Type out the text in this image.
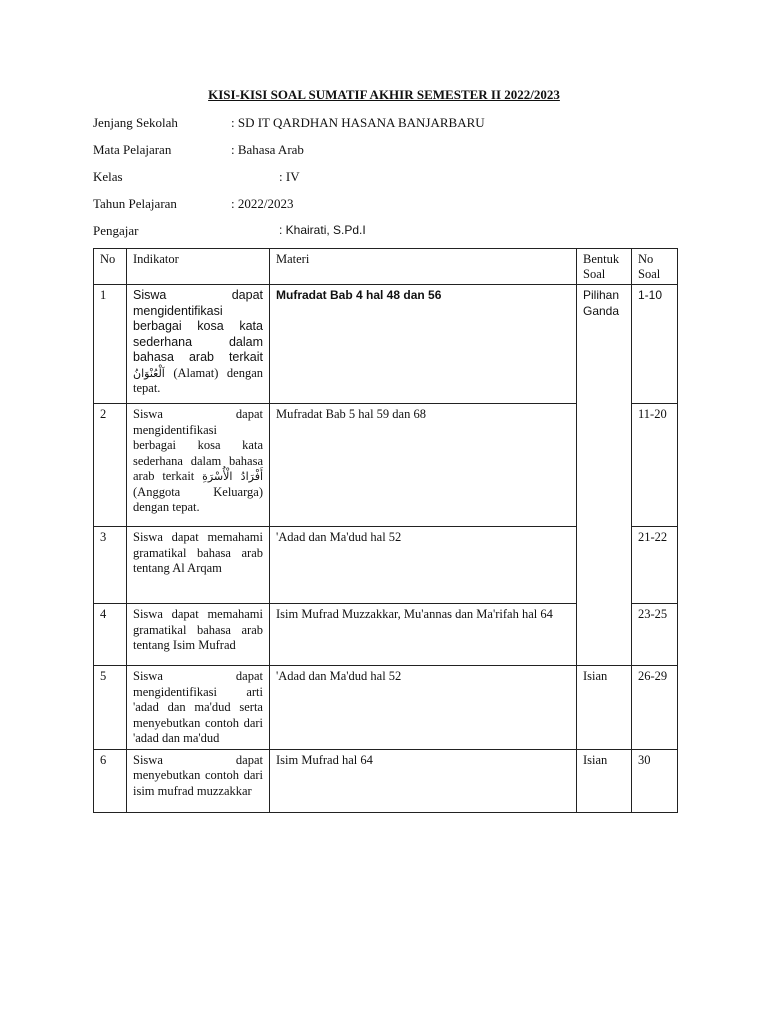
KISI-KISI SOAL SUMATIF AKHIR SEMESTER II 2022/2023
Jenjang Sekolah	: SD IT QARDHAN HASANA BANJARBARU
Mata Pelajaran	: Bahasa Arab
Kelas	: IV
Tahun Pelajaran	: 2022/2023
Pengajar	: Khairati, S.Pd.I
No	Indikator	Materi	Bentuk Soal	No Soal
1	Siswa dapat mengidentifikasi berbagai kosa kata sederhana dalam bahasa arab terkait اَلْعُنْوَانُ (Alamat) dengan tepat.	Mufradat Bab 4 hal 48 dan 56	Pilihan Ganda	1-10
2	Siswa dapat mengidentifikasi berbagai kosa kata sederhana dalam bahasa arab terkait أَفْرَادُ الْأُسْرَةِ (Anggota Keluarga) dengan tepat.	Mufradat Bab 5 hal 59 dan 68		11-20
3	Siswa dapat memahami gramatikal bahasa arab tentang Al Arqam	'Adad dan Ma'dud hal 52		21-22
4	Siswa dapat memahami gramatikal bahasa arab tentang Isim Mufrad	Isim Mufrad Muzzakkar, Mu'annas dan Ma'rifah hal 64		23-25
5	Siswa dapat mengidentifikasi arti 'adad dan ma'dud serta menyebutkan contoh dari 'adad dan ma'dud	'Adad dan Ma'dud hal 52	Isian	26-29
6	Siswa dapat menyebutkan contoh dari isim mufrad muzzakkar	Isim Mufrad hal 64	Isian	30
